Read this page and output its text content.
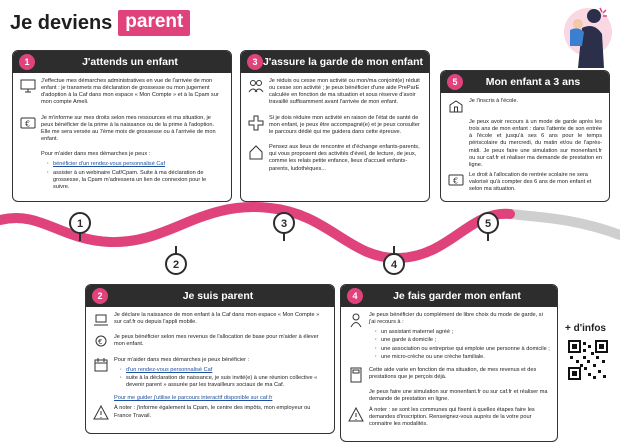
Je deviens parent
1	J'attends un enfant

J'effectue mes démarches administratives en vue de l'arrivée de mon enfant : je transmets ma déclaration de grossesse ou mon jugement d'adoption à la Caf dans mon espace « Mon Compte » et à la Cpam sur mon compte Ameli.

€

Je m'informe sur mes droits selon mes ressources et ma situation, je peux bénéficier de la prime à la naissance ou de la prime à l'adoption. Elle me sera versée au 7ème mois de grossesse ou à l'arrivée de mon enfant.

Pour m'aider dans mes démarches je peux :

· bénéficier d'un rendez-vous personnalisé Caf
· assister à un webinaire Caf/Cpam. Suite à ma déclaration de grossesse, la Cpam m'adressera un lien de connexion pour le suivre.
3 J'assure la garde de mon enfant

Je réduis ou cesse mon activité ou mon/ma conjoint(e) réduit ou cesse son activité ; je peux bénéficier d'une aide PreParE calculée en fonction de ma situation et sous réserve d'avoir travaillé suffisamment avant l'arrivée de mon enfant.

Si je dois réduire mon activité en raison de l'état de santé de mon enfant, je peux être accompagné(e) et je peux consulter le parcours dédié qui me guidera dans cette épreuve.

Pensez aux lieux de rencontre et d'échange enfants-parents, qui vous proposent des activités d'éveil, de lecture, de jeux, comme les relais petite enfance, lieux d'accueil enfants-parents, ludothèques...

5	Mon enfant a 3 ans

Je l'inscris à l'école.

Je peux avoir recours à un mode de garde après les trois ans de mon enfant : dans l'attente de son entrée à l'école et jusqu'à ses 6 ans pour le temps périscolaire du mercredi, du matin et/ou de l'après-midi. Je peux faire une simulation sur monenfant.fr ou sur caf.fr et réaliser ma demande de prestation en ligne.

€

Le droit à l'allocation de rentrée scolaire ne sera valorisé qu'à compter des 6 ans de mon enfant et selon ma situation.

2	Je suis parent

Je déclare la naissance de mon enfant à la Caf dans mon espace « Mon Compte » sur caf.fr ou depuis l'appli mobile.

€

Je peux bénéficier selon mes revenus de l'allocation de base pour m'aider à élever mon enfant.

Pour m'aider dans mes démarches je peux bénéficier :

· d'un rendez-vous personnalisé Caf
· suite à la déclaration de naissance, je suis invité(e) à une réunion collective « devenir parent » assurée par les travailleurs sociaux de ma Caf.

Pour me guider j'utilise le parcours interactif disponible sur caf.fr

À noter : j'informe également la Cpam, le centre des impôts, mon employeur ou France Travail.

4	Je fais garder mon enfant

Je peux bénéficier du complément de libre choix du mode de garde, si j'ai recours à :

· un assistant maternel agréé ;
· une garde à domicile ;
· une association ou entreprise qui emploie une personne à domicile ;
· une micro-crèche ou une crèche familiale.

Cette aide varie en fonction de ma situation, de mes revenus et des prestations que je perçois déjà.

Je peux faire une simulation sur monenfant.fr ou sur caf.fr et réaliser ma demande de prestation en ligne.

À noter : se sont les communes qui fixent à quelles étapes faire les demandes d'inscription. Renseignez-vous auprès de la votre pour connaitre les modalités.

1
2
3
4
5
+ d'infos
